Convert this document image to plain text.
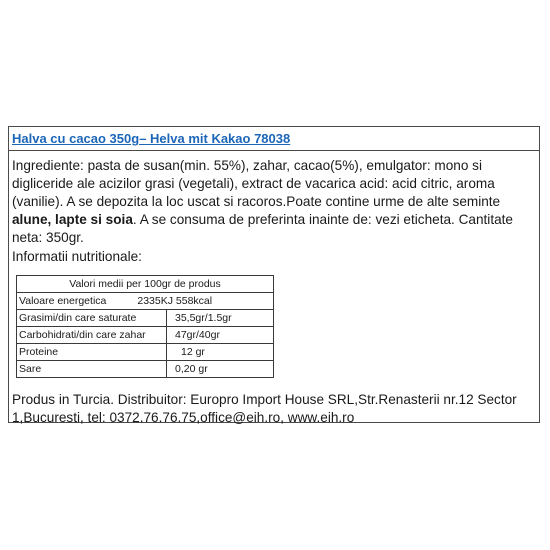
Halva cu cacao 350g– Helva mit Kakao 78038
Ingrediente: pasta de susan(min. 55%), zahar, cacao(5%), emulgator: mono si
digliceride ale acizilor grasi (vegetali), extract de vacarica acid: acid citric, aroma
(vanilie). A se depozita la loc uscat si racoros.Poate contine urme de alte seminte
alune, lapte si soia. A se consuma de preferinta inainte de: vezi eticheta. Cantitate
neta: 350gr.
Informatii nutritionale:
Valori medii per 100gr de produs	
Valoare energetica 2335KJ 558kcal	
Grasimi/din care saturate	35,5gr/1.5gr
Carbohidrati/din care zahar	47gr/40gr
Proteine	12 gr
Sare	0,20 gr
Produs in Turcia. Distribuitor: Europro Import House SRL,Str.Renasterii nr.12 Sector
1,Bucuresti, tel: 0372.76.76.75,office@eih.ro, www.eih.ro
